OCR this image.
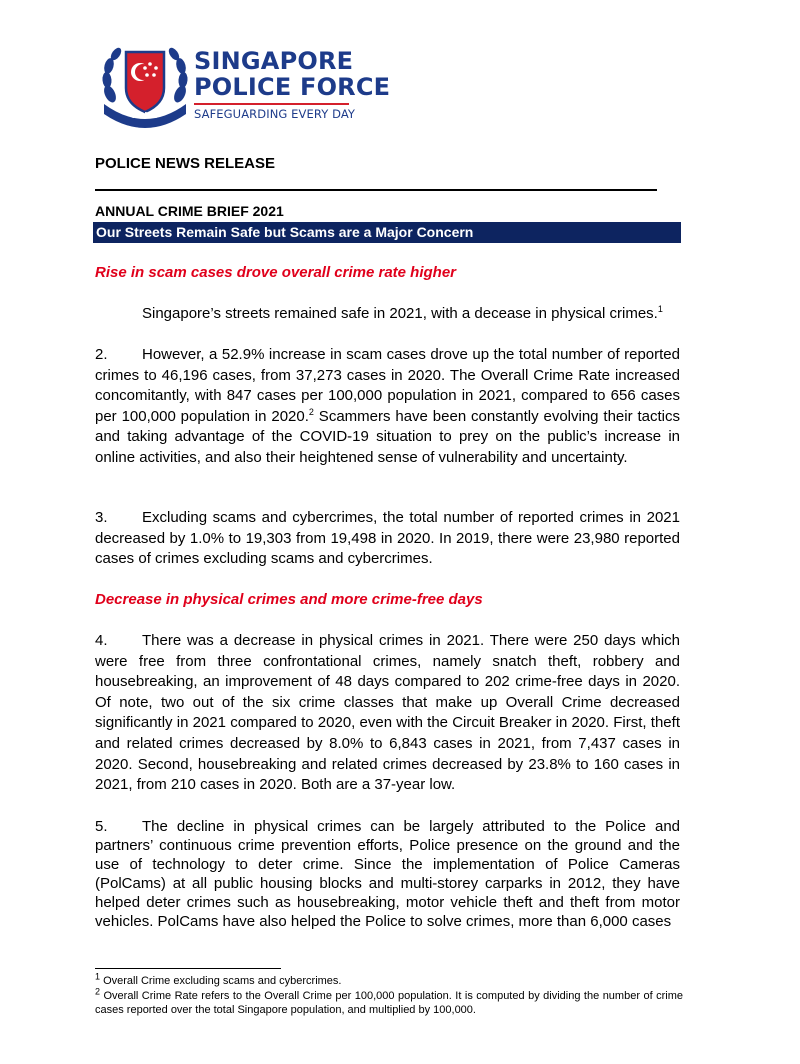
POLIS
SINGAPORE
POLICE FORCE
SAFEGUARDING EVERY DAY
POLICE NEWS RELEASE
ANNUAL CRIME BRIEF 2021
Our Streets Remain Safe but Scams are a Major Concern
Rise in scam cases drove overall crime rate higher

Singapore’s streets remained safe in 2021, with a decease in physical crimes.$^1$

2. However, a 52.9% increase in scam cases drove up the total number of reported crimes to 46,196 cases, from 37,273 cases in 2020. The Overall Crime Rate increased concomitantly, with 847 cases per 100,000 population in 2021, compared to 656 cases per 100,000 population in 2020.$^2$ Scammers have been constantly evolving their tactics and taking advantage of the COVID-19 situation to prey on the public’s increase in online activities, and also their heightened sense of vulnerability and uncertainty.

3. Excluding scams and cybercrimes, the total number of reported crimes in 2021 decreased by 1.0% to 19,303 from 19,498 in 2020. In 2019, there were 23,980 reported cases of crimes excluding scams and cybercrimes.

Decrease in physical crimes and more crime-free days

4. There was a decrease in physical crimes in 2021. There were 250 days which were free from three confrontational crimes, namely snatch theft, robbery and housebreaking, an improvement of 48 days compared to 202 crime-free days in 2020. Of note, two out of the six crime classes that make up Overall Crime decreased significantly in 2021 compared to 2020, even with the Circuit Breaker in 2020. First, theft and related crimes decreased by 8.0% to 6,843 cases in 2021, from 7,437 cases in 2020. Second, housebreaking and related crimes decreased by 23.8% to 160 cases in 2021, from 210 cases in 2020. Both are a 37-year low.

5. The decline in physical crimes can be largely attributed to the Police and partners’ continuous crime prevention efforts, Police presence on the ground and the use of technology to deter crime. Since the implementation of Police Cameras (PolCams) at all public housing blocks and multi-storey carparks in 2012, they have helped deter crimes such as housebreaking, motor vehicle theft and theft from motor vehicles. PolCams have also helped the Police to solve crimes, more than 6,000 cases

$^1$ Overall Crime excluding scams and cybercrimes.

$^2$ Overall Crime Rate refers to the Overall Crime per 100,000 population. It is computed by dividing the number of crime cases reported over the total Singapore population, and multiplied by 100,000.
